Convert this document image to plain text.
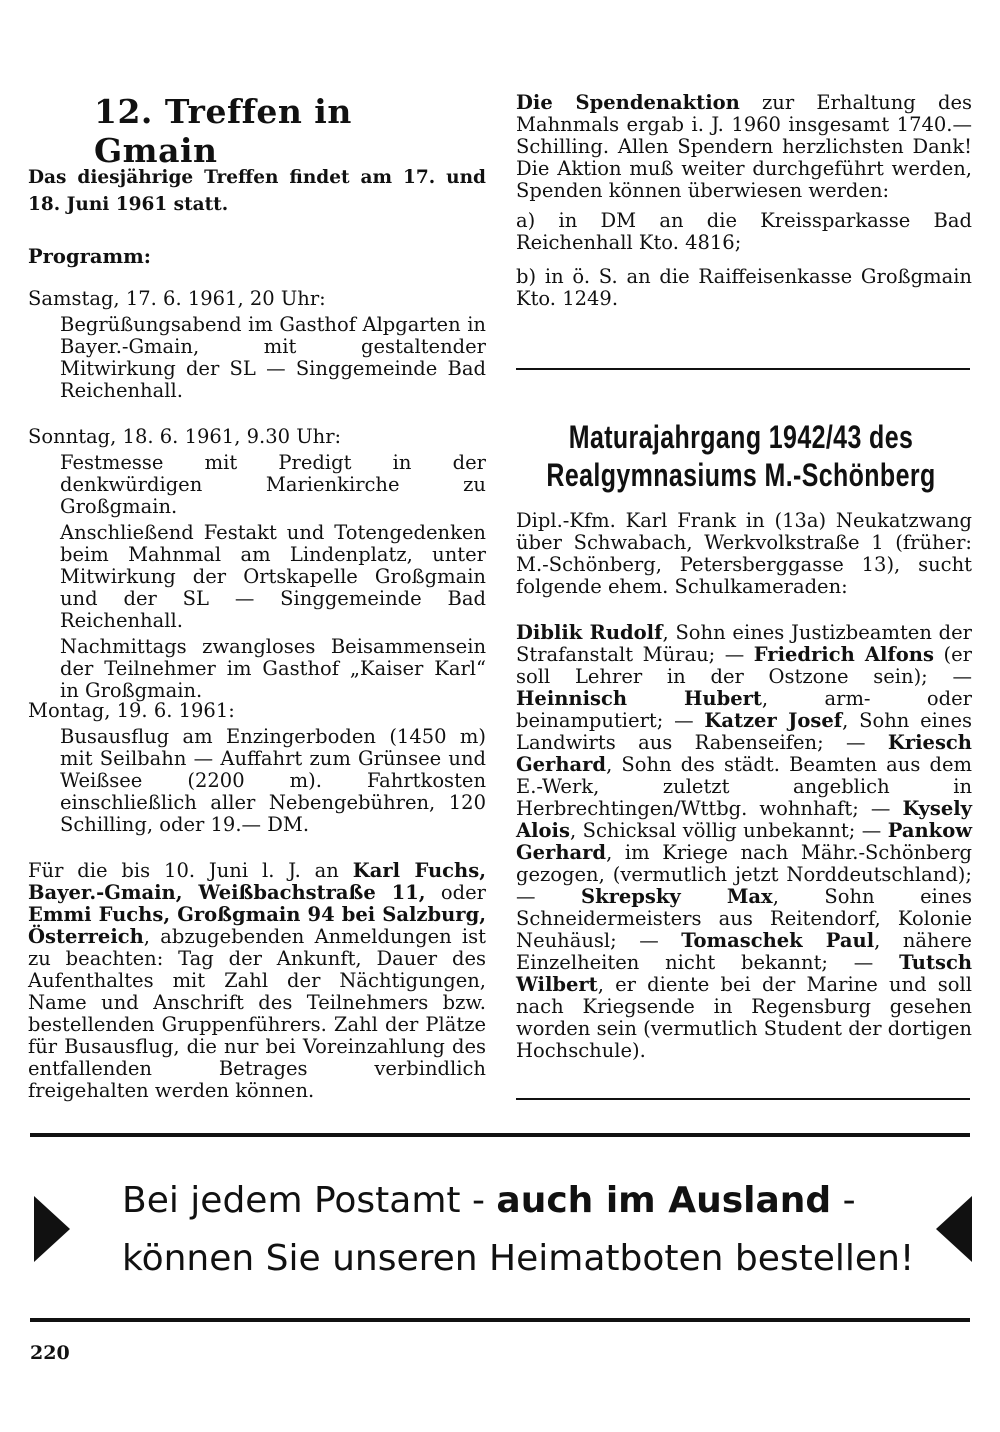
12. Treffen in Gmain
Das diesjährige Treffen findet am 17. und 18. Juni 1961 statt.
Programm:

Samstag, 17. 6. 1961, 20 Uhr:

Begrüßungsabend im Gasthof Alpgarten in Bayer.-Gmain, mit gestaltender Mitwirkung der SL — Singgemeinde Bad Reichenhall.

Sonntag, 18. 6. 1961, 9.30 Uhr:

Festmesse mit Predigt in der denkwürdigen Marienkirche zu Großgmain.

Anschließend Festakt und Totengedenken beim Mahnmal am Lindenplatz, unter Mitwirkung der Ortskapelle Großgmain und der SL — Singgemeinde Bad Reichenhall.

Nachmittags zwangloses Beisammensein der Teilnehmer im Gasthof „Kaiser Karl“ in Großgmain.

Montag, 19. 6. 1961:

Busausflug am Enzingerboden (1450 m) mit Seilbahn — Auffahrt zum Grünsee und Weißsee (2200 m). Fahrtkosten einschließlich aller Nebengebühren, 120 Schilling, oder 19.— DM.

Für die bis 10. Juni l. J. an Karl Fuchs, Bayer.-Gmain, Weißbachstraße 11, oder Emmi Fuchs, Großgmain 94 bei Salzburg, Österreich, abzugebenden Anmeldungen ist zu beachten: Tag der Ankunft, Dauer des Aufenthaltes mit Zahl der Nächtigungen, Name und Anschrift des Teilnehmers bzw. bestellenden Gruppenführers. Zahl der Plätze für Busausflug, die nur bei Voreinzahlung des entfallenden Betrages verbindlich freigehalten werden können.
Die Spendenaktion zur Erhaltung des Mahnmals ergab i. J. 1960 insgesamt 1740.— Schilling. Allen Spendern herzlichsten Dank! Die Aktion muß weiter durchgeführt werden, Spenden können überwiesen werden:
a) in DM an die Kreissparkasse Bad Reichenhall Kto. 4816;
b) in ö. S. an die Raiffeisenkasse Großgmain Kto. 1249.
Maturajahrgang 1942/43 des
Realgymnasiums M.-Schönberg
Dipl.-Kfm. Karl Frank in (13a) Neukatzwang über Schwabach, Werkvolkstraße 1 (früher: M.-Schönberg, Petersberggasse 13), sucht folgende ehem. Schulkameraden:
Diblik Rudolf, Sohn eines Justizbeamten der Strafanstalt Mürau; — Friedrich Alfons (er soll Lehrer in der Ostzone sein); — Heinnisch Hubert, arm- oder beinamputiert; — Katzer Josef, Sohn eines Landwirts aus Rabenseifen; — Kriesch Gerhard, Sohn des städt. Beamten aus dem E.-Werk, zuletzt angeblich in Herbrechtingen/Wttbg. wohnhaft; — Kysely Alois, Schicksal völlig unbekannt; — Pankow Gerhard, im Kriege nach Mähr.-Schönberg gezogen, (vermutlich jetzt Norddeutschland); — Skrepsky Max, Sohn eines Schneidermeisters aus Reitendorf, Kolonie Neuhäusl; — Tomaschek Paul, nähere Einzelheiten nicht bekannt; — Tutsch Wilbert, er diente bei der Marine und soll nach Kriegsende in Regensburg gesehen worden sein (vermutlich Student der dortigen Hochschule).
Bei jedem Postamt - auch im Ausland -
können Sie unseren Heimatboten bestellen!
220
